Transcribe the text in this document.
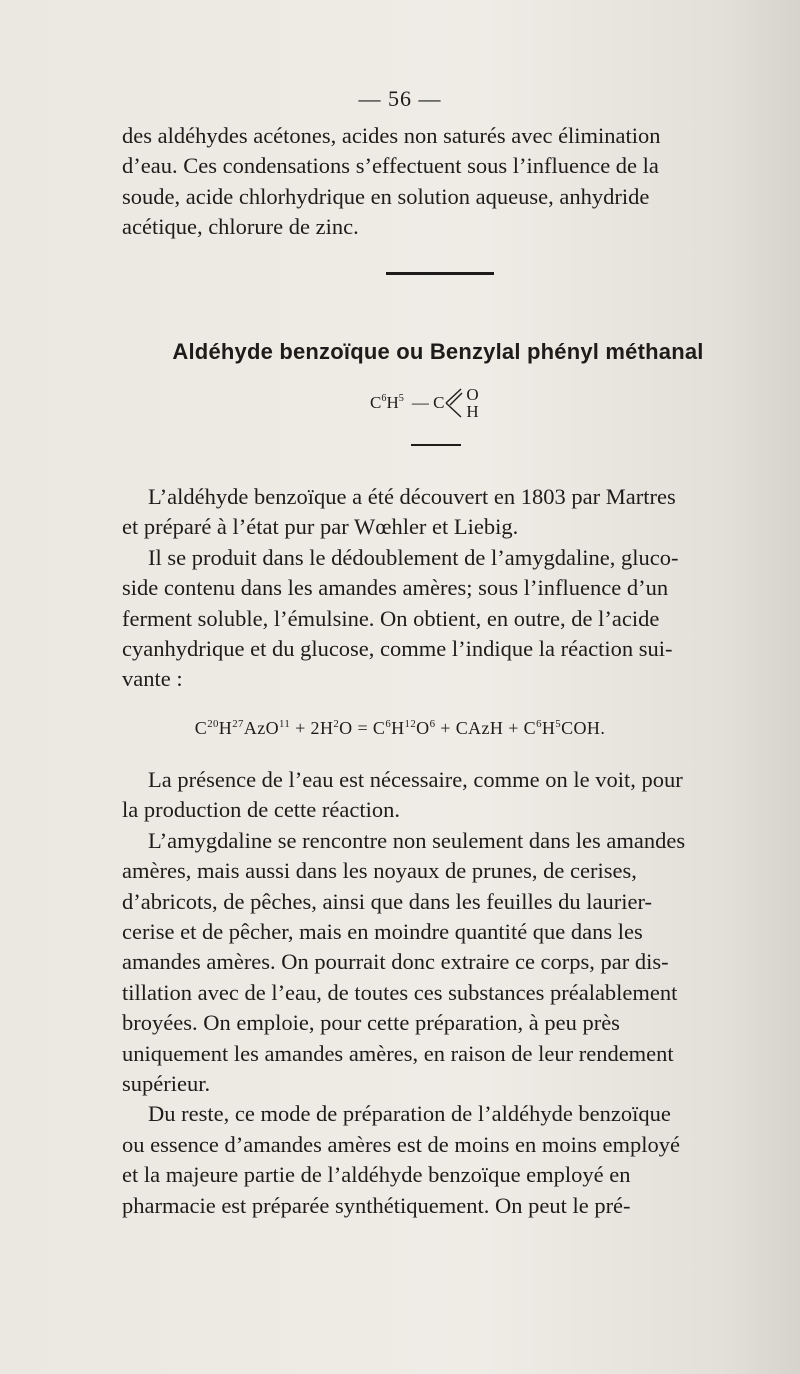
— 56 —

des aldéhydes acétones, acides non saturés avec élimination
d’eau. Ces condensations s’effectuent sous l’influence de la
soude, acide chlorhydrique en solution aqueuse, anhydride
acétique, chlorure de zinc.

Aldéhyde benzoïque ou Benzylal phényl méthanal
$C^6H^5$ — C O
H

L’aldéhyde benzoïque a été découvert en 1803 par Martres
et préparé à l’état pur par Wœhler et Liebig.

Il se produit dans le dédoublement de l’amygdaline, gluco-
side contenu dans les amandes amères; sous l’influence d’un
ferment soluble, l’émulsine. On obtient, en outre, de l’acide
cyanhydrique et du glucose, comme l’indique la réaction sui-
vante :

$C^{20}H^{27}AzO^{11} + 2H^2O = C^6H^{12}O^6$ + CAzH + $C^6H^5COH$.

La présence de l’eau est nécessaire, comme on le voit, pour
la production de cette réaction.

L’amygdaline se rencontre non seulement dans les amandes
amères, mais aussi dans les noyaux de prunes, de cerises,
d’abricots, de pêches, ainsi que dans les feuilles du laurier-
cerise et de pêcher, mais en moindre quantité que dans les
amandes amères. On pourrait donc extraire ce corps, par dis-
tillation avec de l’eau, de toutes ces substances préalablement
broyées. On emploie, pour cette préparation, à peu près
uniquement les amandes amères, en raison de leur rendement
supérieur.

Du reste, ce mode de préparation de l’aldéhyde benzoïque
ou essence d’amandes amères est de moins en moins employé
et la majeure partie de l’aldéhyde benzoïque employé en
pharmacie est préparée synthétiquement. On peut le pré-
